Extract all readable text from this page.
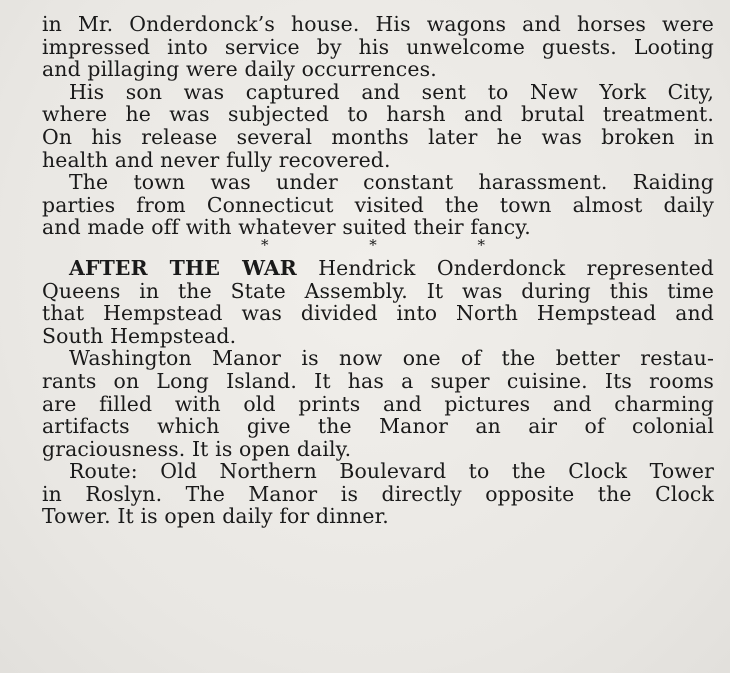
in Mr. Onderdonck’s house. His wagons and horses were
impressed into service by his unwelcome guests. Looting
and pillaging were daily occurrences.
His son was captured and sent to New York City,
where he was subjected to harsh and brutal treatment.
On his release several months later he was broken in
health and never fully recovered.
The town was under constant harassment. Raiding
parties from Connecticut visited the town almost daily
and made off with whatever suited their fancy.
* * *
AFTER THE WAR Hendrick Onderdonck represented
Queens in the State Assembly. It was during this time
that Hempstead was divided into North Hempstead and
South Hempstead.
Washington Manor is now one of the better restau-
rants on Long Island. It has a super cuisine. Its rooms
are filled with old prints and pictures and charming
artifacts which give the Manor an air of colonial
graciousness. It is open daily.
Route: Old Northern Boulevard to the Clock Tower
in Roslyn. The Manor is directly opposite the Clock
Tower. It is open daily for dinner.
